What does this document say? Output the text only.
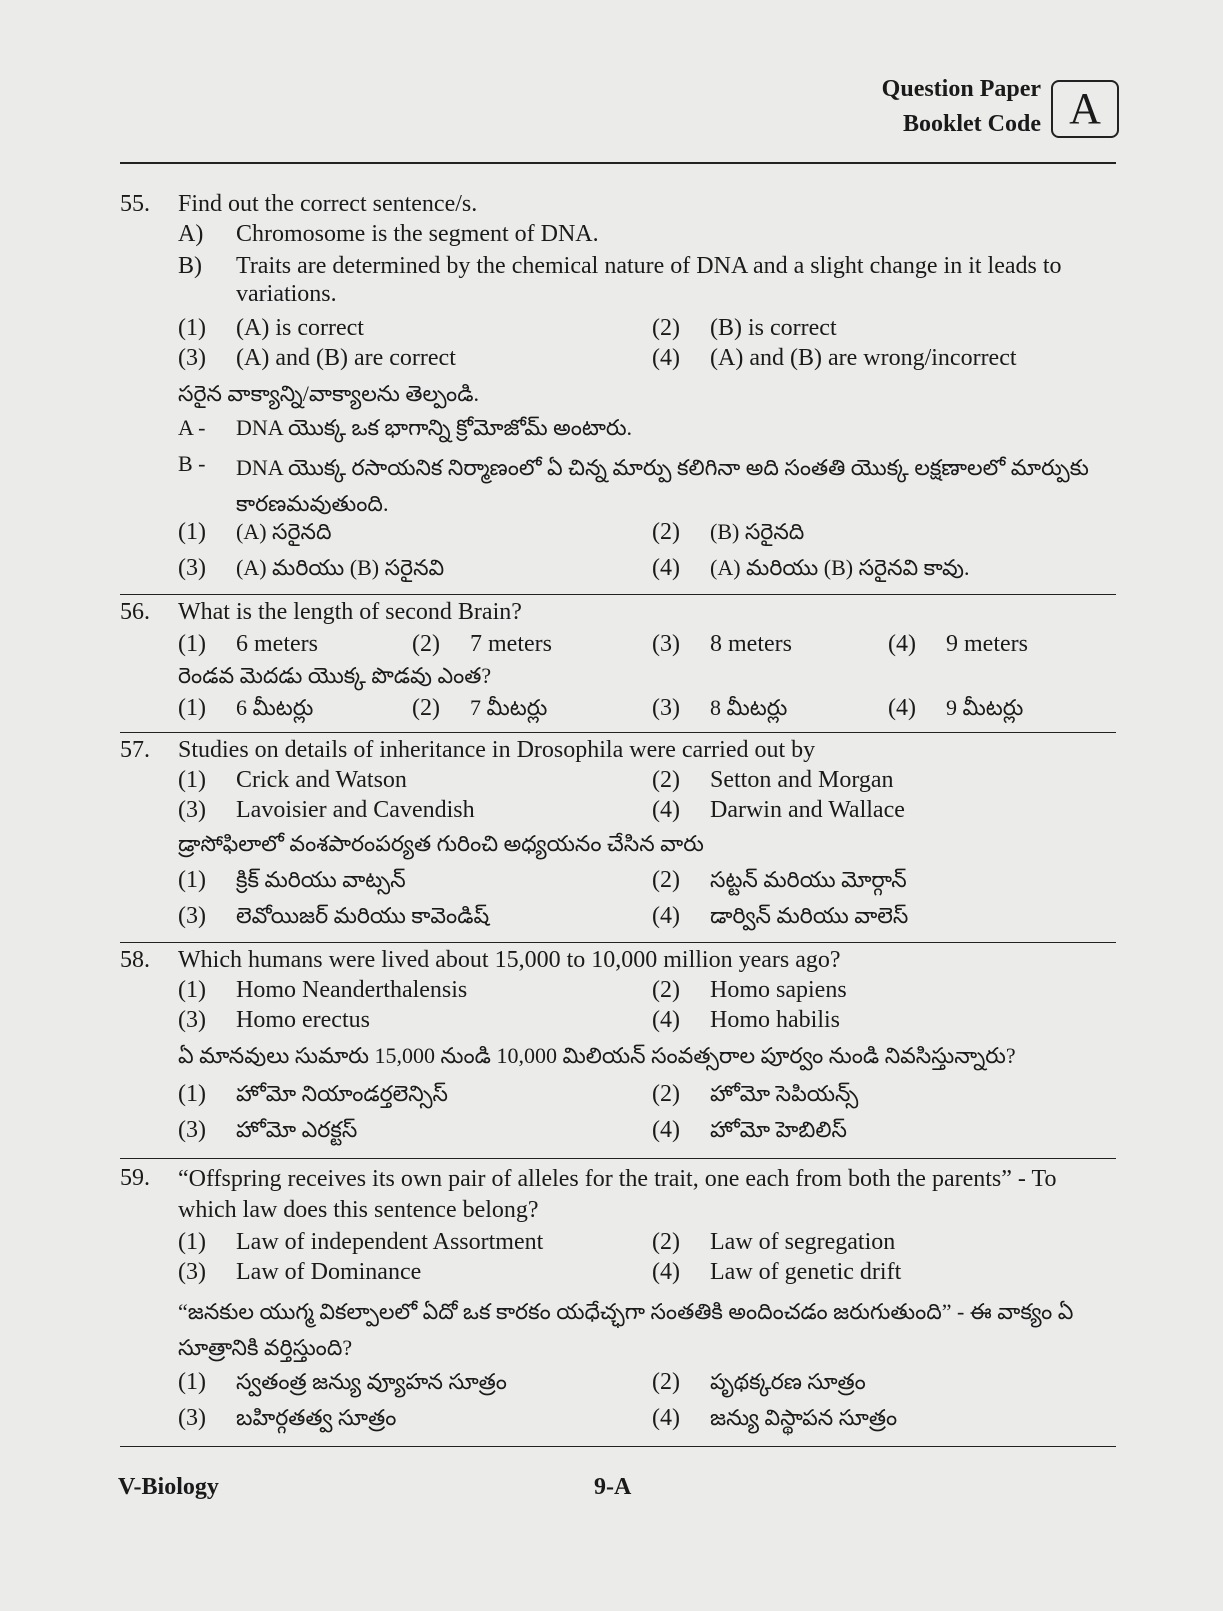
Question Paper
Booklet Code A
55. Find out the correct sentence/s.
A) Chromosome is the segment of DNA.
B) Traits are determined by the chemical nature of DNA and a slight change in it leads to variations.
(1) (A) is correct	(2) (B) is correct
(3) (A) and (B) are correct	(4) (A) and (B) are wrong/incorrect
సరైన వాక్యాన్ని/వాక్యాలను తెల్పండి.
A - DNA యొక్క ఒక భాగాన్ని క్రోమోజోమ్ అంటారు.
B - DNA యొక్క రసాయనిక నిర్మాణంలో ఏ చిన్న మార్పు కలిగినా అది సంతతి యొక్క లక్షణాలలో మార్పుకు కారణమవుతుంది.
(1) (A) సరైనది	(2) (B) సరైనది
(3) (A) మరియు (B) సరైనవి	(4) (A) మరియు (B) సరైనవి కావు.
56. What is the length of second Brain?
(1) 6 meters	(2) 7 meters	(3) 8 meters	(4) 9 meters
రెండవ మెదడు యొక్క పొడవు ఎంత?
(1) 6 మీటర్లు	(2) 7 మీటర్లు	(3) 8 మీటర్లు	(4) 9 మీటర్లు
57. Studies on details of inheritance in Drosophila were carried out by
(1) Crick and Watson	(2) Setton and Morgan
(3) Lavoisier and Cavendish	(4) Darwin and Wallace
డ్రాసోఫిలాలో వంశపారంపర్యత గురించి అధ్యయనం చేసిన వారు
(1) క్రిక్ మరియు వాట్సన్	(2) సట్టన్ మరియు మోర్గాన్
(3) లెవోయిజర్ మరియు కావెండిష్	(4) డార్విన్ మరియు వాలెస్
58. Which humans were lived about 15,000 to 10,000 million years ago?
(1) Homo Neanderthalensis	(2) Homo sapiens
(3) Homo erectus	(4) Homo habilis
ఏ మానవులు సుమారు 15,000 నుండి 10,000 మిలియన్ సంవత్సరాల పూర్వం నుండి నివసిస్తున్నారు?
(1) హోమో నియాండర్తలెన్సిస్	(2) హోమో సెపియన్స్
(3) హోమో ఎరక్టస్	(4) హోమో హెబిలిస్
59. “Offspring receives its own pair of alleles for the trait, one each from both the parents” - To which law does this sentence belong?
(1) Law of independent Assortment	(2) Law of segregation
(3) Law of Dominance	(4) Law of genetic drift
“జనకుల యుగ్మ వికల్పాలలో ఏదో ఒక కారకం యధేచ్ఛగా సంతతికి అందించడం జరుగుతుంది” - ఈ వాక్యం ఏ సూత్రానికి వర్తిస్తుంది?
(1) స్వతంత్ర జన్యు వ్యూహన సూత్రం	(2) పృథక్కరణ సూత్రం
(3) బహిర్గతత్వ సూత్రం	(4) జన్యు విస్థాపన సూత్రం
V-Biology	9-A
